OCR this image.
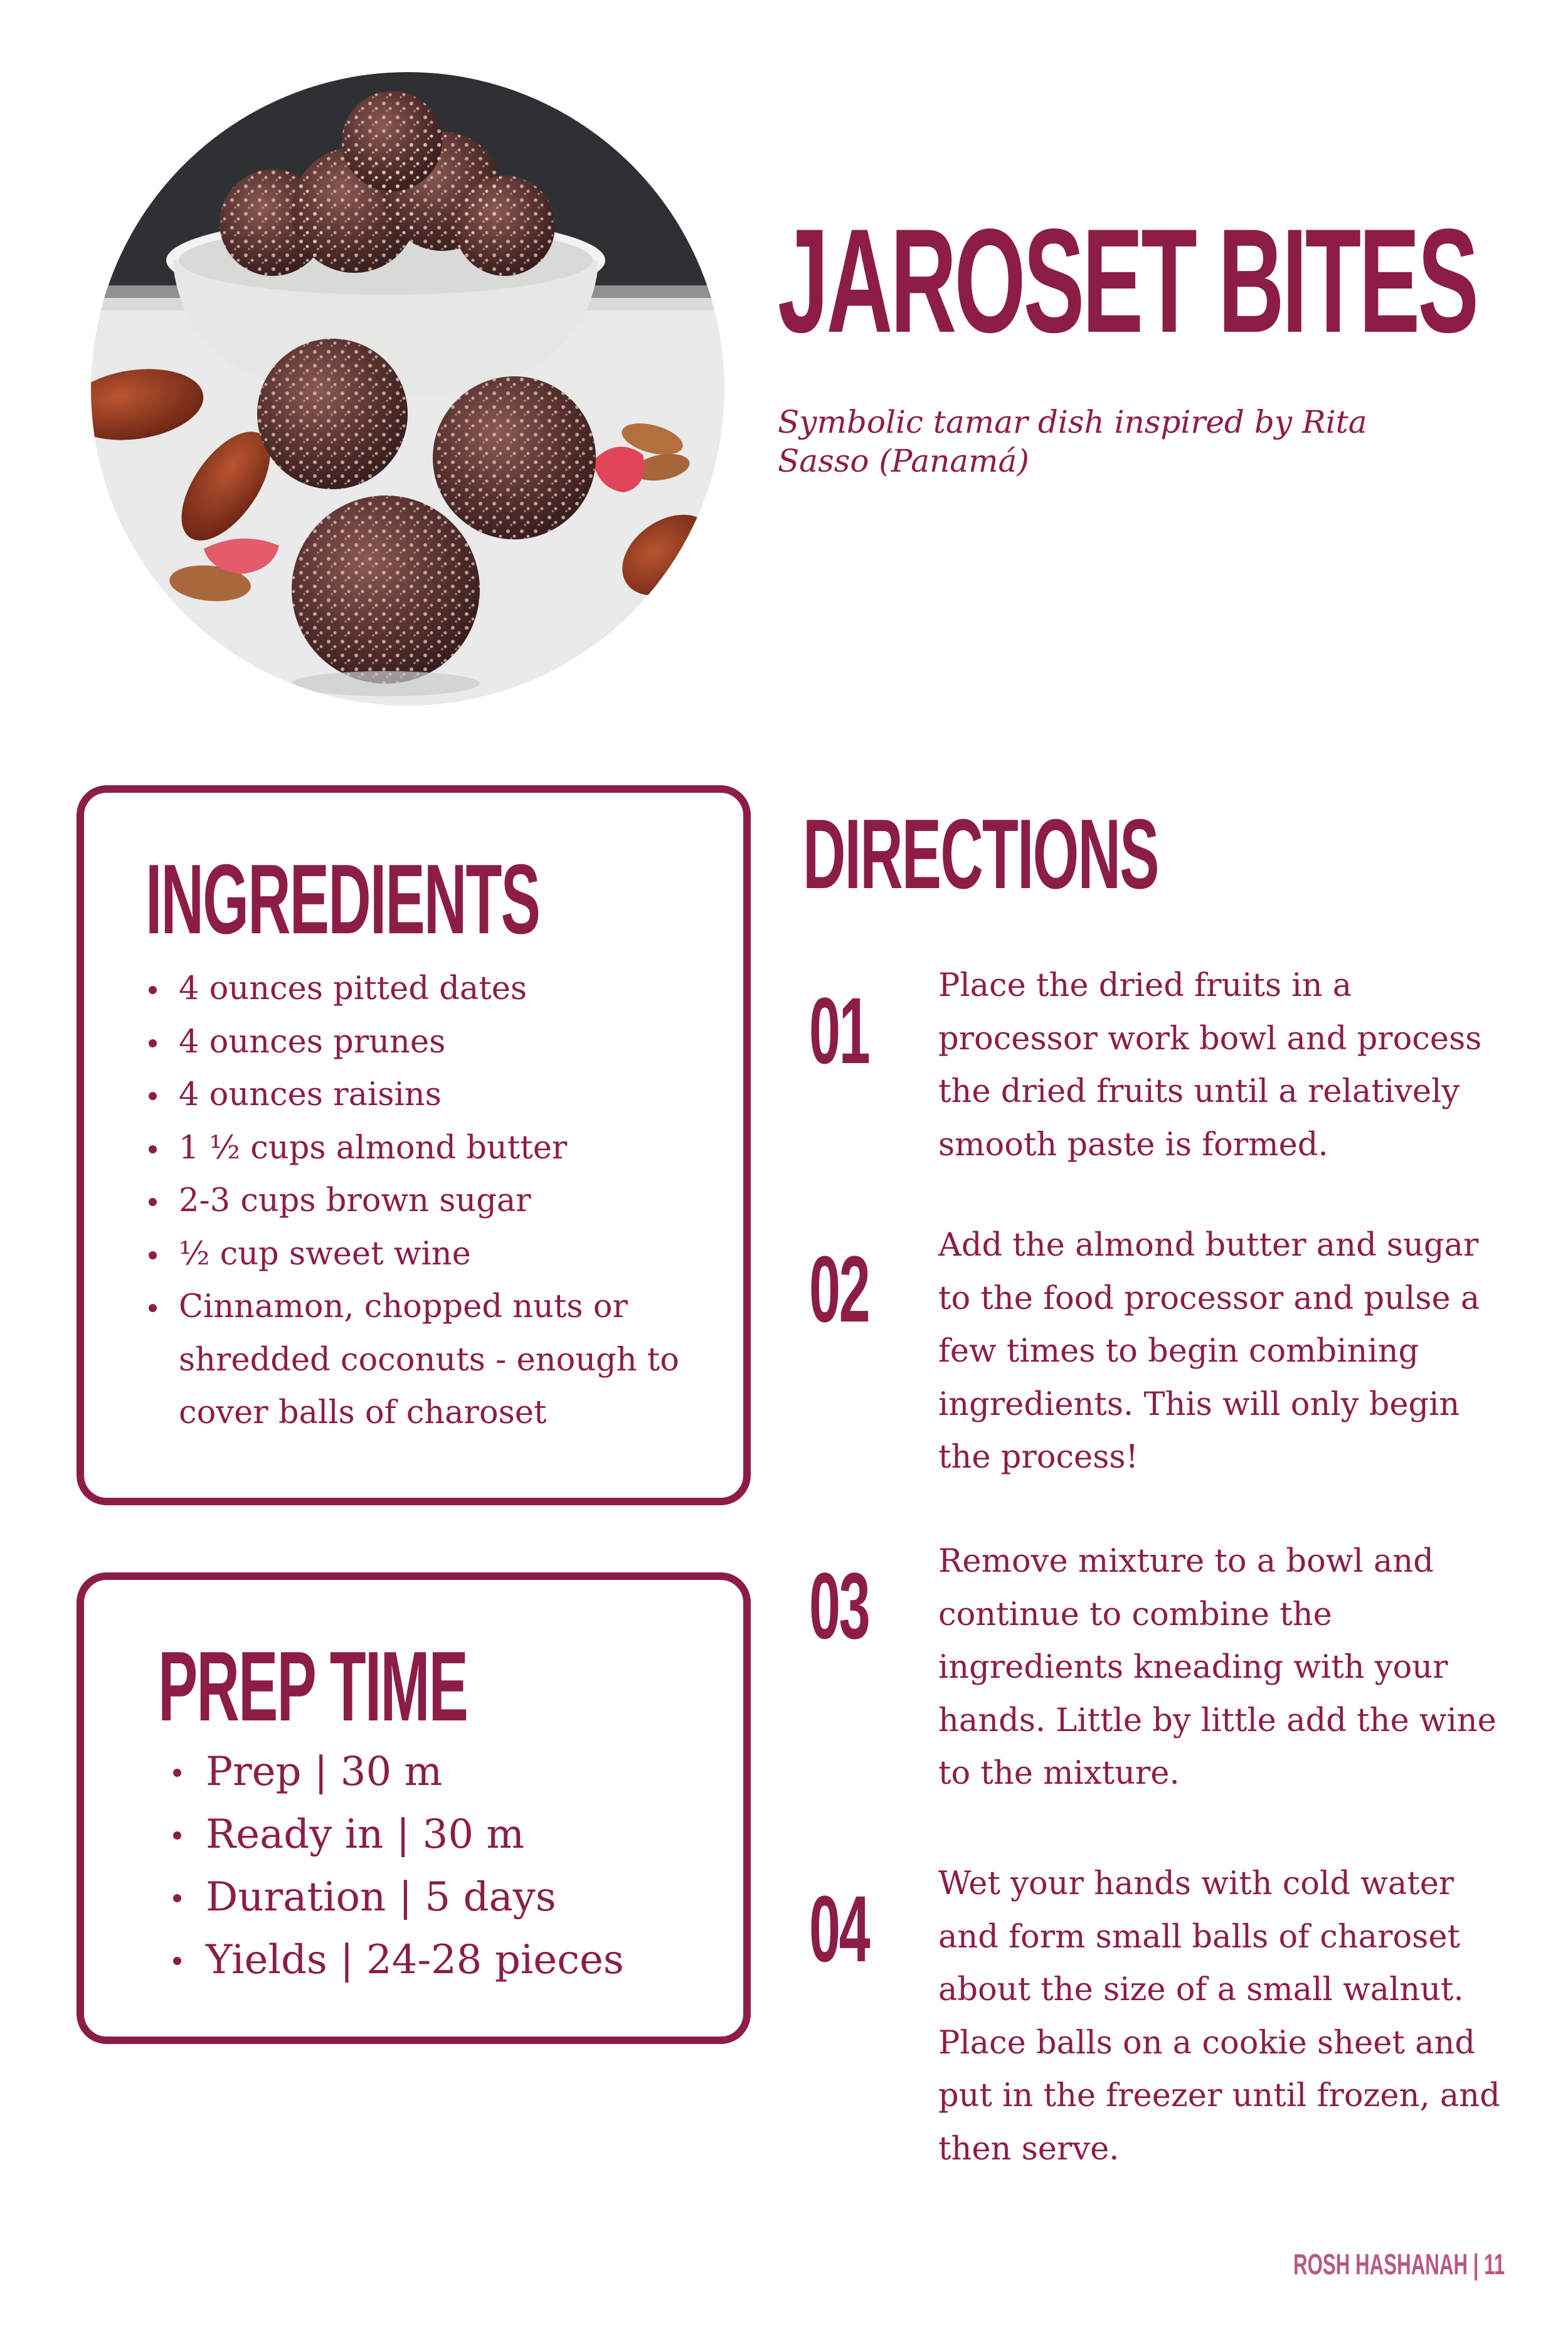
JAROSET BITES

Symbolic tamar dish inspired by Rita Sasso (Panamá)

INGREDIENTS
4 ounces pitted dates
4 ounces prunes
4 ounces raisins
1 ½ cups almond butter
2-3 cups brown sugar
½ cup sweet wine
Cinnamon, chopped nuts or shredded coconuts - enough to cover balls of charoset
PREP TIME
Prep | 30 m
Ready in | 30 m
Duration | 5 days
Yields | 24-28 pieces
DIRECTIONS

01 Place the dried fruits in a processor work bowl and process the dried fruits until a relatively smooth paste is formed.

02 Add the almond butter and sugar to the food processor and pulse a few times to begin combining ingredients. This will only begin the process!

03 Remove mixture to a bowl and continue to combine the ingredients kneading with your hands. Little by little add the wine to the mixture.

04 Wet your hands with cold water and form small balls of charoset about the size of a small walnut. Place balls on a cookie sheet and put in the freezer until frozen, and then serve.

ROSH HASHANAH | 11
